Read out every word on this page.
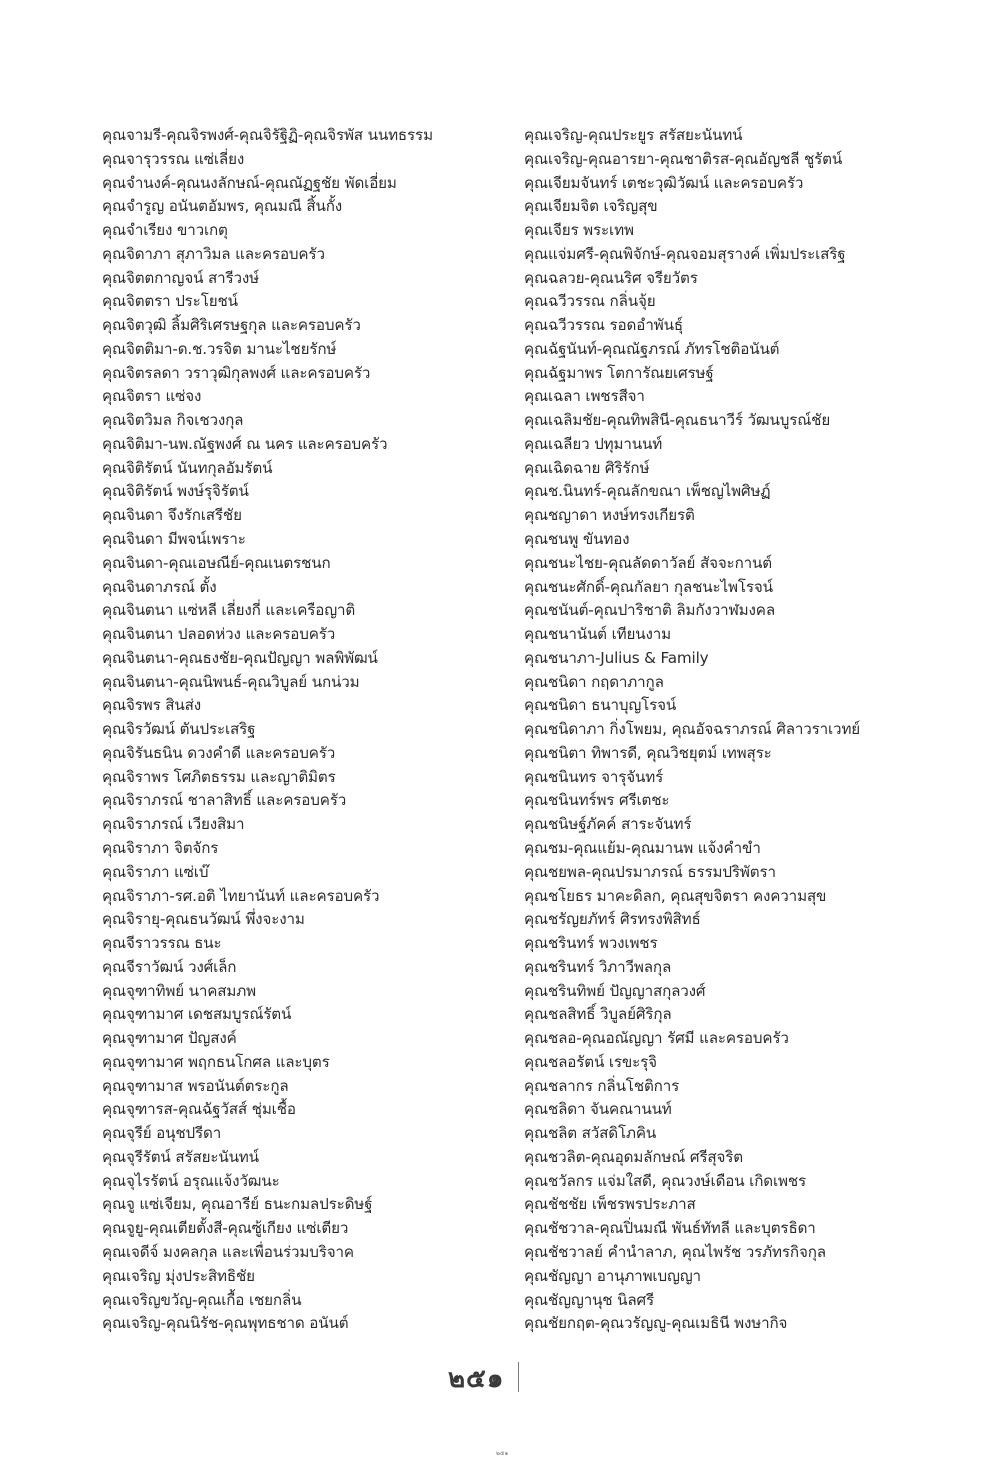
คุณจามรี-คุณจิรพงศ์-คุณจิรัฐิฏิ-คุณจิรพัส นนทธรรม
คุณจารุวรรณ แซ่เลี่ยง
คุณจำนงค์-คุณนงลักษณ์-คุณณัฏฐชัย พัดเอี่ยม
คุณจำรูญ อนันตอัมพร, คุณมณี สิ้นกั้ง
คุณจำเรียง ขาวเกตุ
คุณจิดาภา สุภาวิมล และครอบครัว
คุณจิตตกาญจน์ สารีวงษ์
คุณจิตตรา ประโยชน์
คุณจิตวุฒิ ลิ้มศิริเศรษฐกุล และครอบครัว
คุณจิตติมา-ด.ช.วรจิต มานะไชยรักษ์
คุณจิตรลดา วราวุฒิกุลพงศ์ และครอบครัว
คุณจิตรา แซ่จง
คุณจิตวิมล กิจเชวงกุล
คุณจิติมา-นพ.ณัฐพงศ์ ณ นคร และครอบครัว
คุณจิติรัตน์ นันทกุลอัมรัตน์
คุณจิติรัตน์ พงษ์รุจิรัตน์
คุณจินดา จึงรักเสรีชัย
คุณจินดา มีพจน์เพราะ
คุณจินดา-คุณเอษณีย์-คุณเนตรชนก
คุณจินดาภรณ์ ตั้ง
คุณจินตนา แซ่หลี เลี่ยงกี่ และเครือญาติ
คุณจินตนา ปลอดห่วง และครอบครัว
คุณจินตนา-คุณธงชัย-คุณปัญญา พลพิพัฒน์
คุณจินตนา-คุณนิพนธ์-คุณวิบูลย์ นกน่วม
คุณจิรพร สินส่ง
คุณจิรวัฒน์ ตันประเสริฐ
คุณจิรันธนิน ดวงคำดี และครอบครัว
คุณจิราพร โศภิตธรรม และญาติมิตร
คุณจิราภรณ์ ชาลาสิทธิ์ และครอบครัว
คุณจิราภรณ์ เวียงสิมา
คุณจิราภา จิตจักร
คุณจิราภา แซ่เบ๊
คุณจิราภา-รศ.อติ ไทยานันท์ และครอบครัว
คุณจิรายุ-คุณธนวัฒน์ พึ่งจะงาม
คุณจีราวรรณ ธนะ
คุณจีราวัฒน์ วงศ์เล็ก
คุณจุฑาทิพย์ นาคสมภพ
คุณจุฑามาศ เดชสมบูรณ์รัตน์
คุณจุฑามาศ ปัญสงค์
คุณจุฑามาศ พฤกธนโกศล และบุตร
คุณจุฑามาส พรอนันต์ตระกูล
คุณจุฑารส-คุณฉัฐวัสส์ ชุ่มเชื้อ
คุณจุรีย์ อนุชปรีดา
คุณจุรีรัตน์ สรัสยะนันทน์
คุณจุไรรัตน์ อรุณแจ้งวัฒนะ
คุณจู แซ่เจียม, คุณอารีย์ ธนะกมลประดิษฐ์
คุณจูยู-คุณเตียตั้งสี-คุณซู้เกียง แซ่เตียว
คุณเจดีจ์ มงคลกุล และเพื่อนร่วมบริจาค
คุณเจริญ มุ่งประสิทธิชัย
คุณเจริญขวัญ-คุณเกื้อ เชยกลิ่น
คุณเจริญ-คุณนิรัช-คุณพุทธชาด อนันต์
คุณเจริญ-คุณประยูร สรัสยะนันทน์
คุณเจริญ-คุณอารยา-คุณชาติรส-คุณอัญชลี ชูรัตน์
คุณเจียมจันทร์ เตชะวุฒิวัฒน์ และครอบครัว
คุณเจียมจิต เจริญสุข
คุณเจียร พระเทพ
คุณแจ่มศรี-คุณพิจักษ์-คุณจอมสุรางค์ เพิ่มประเสริฐ
คุณฉลวย-คุณนริศ จรียวัตร
คุณฉวีวรรณ กลิ่นจุ้ย
คุณฉวีวรรณ รอดอำพันธุ์
คุณฉัฐนันท์-คุณณัฐภรณ์ ภัทรโชติอนันต์
คุณฉัฐมาพร โตการัณยเศรษฐ์
คุณเฉลา เพชรสีจา
คุณเฉลิมชัย-คุณทิพสินี-คุณธนาวีร์ วัฒนบูรณ์ชัย
คุณเฉลียว ปทุมานนท์
คุณเฉิดฉาย ศิริรักษ์
คุณช.นินทร์-คุณลักขณา เพ็ชญไพศิษฏ์
คุณชญาดา หงษ์ทรงเกียรติ
คุณชนพู ขันทอง
คุณชนะไชย-คุณลัดดาวัลย์ สัจจะกานต์
คุณชนะศักดิ์-คุณกัลยา กุลชนะไพโรจน์
คุณชนันต์-คุณปาริชาติ ลิมกังวาฬมงคล
คุณชนานันต์ เทียนงาม
คุณชนาภา-Julius & Family
คุณชนิดา กฤดาภากูล
คุณชนิดา ธนาบุญโรจน์
คุณชนิดาภา กิ่งโพยม, คุณอัจฉราภรณ์ ศิลาวราเวทย์
คุณชนิตา ทิพารดี, คุณวิชยุตม์ เทพสุระ
คุณชนินทร จารุจันทร์
คุณชนินทร์พร ศรีเตชะ
คุณชนิษฐ์ภัคค์ สาระจันทร์
คุณชม-คุณแย้ม-คุณมานพ แจ้งคำขำ
คุณชยพล-คุณปรมาภรณ์ ธรรมปริพัตรา
คุณชโยธร มาคะดิลก, คุณสุขจิตรา คงความสุข
คุณชรัญยภัทร์ ศิรทรงพิสิทธ์
คุณชรินทร์ พวงเพชร
คุณชรินทร์ วิภาวีพลกุล
คุณชรินทิพย์ ปัญญาสกุลวงศ์
คุณชลสิทธิ์ วิบูลย์ศิริกุล
คุณชลอ-คุณอณัญญา รัศมี และครอบครัว
คุณชลอรัตน์ เรขะรุจิ
คุณชลากร กลิ่นโชติการ
คุณชลิดา จันคณานนท์
คุณชลิต สวัสดิโภคิน
คุณชวลิต-คุณอุดมลักษณ์ ศรีสุจริต
คุณชวัลกร แจ่มใสดี, คุณวงษ์เดือน เกิดเพชร
คุณชัชชัย เพ็ชรพรประภาส
คุณชัชวาล-คุณปิ่นมณี พันธ์ทัทลี และบุตรธิดา
คุณชัชวาลย์ คำนำลาภ, คุณไพรัช วรภัทรกิจกุล
คุณชัญญา อานุภาพเบญญา
คุณชัญญานุช นิลศรี
คุณชัยกฤต-คุณวรัญญู-คุณเมธินี พงษากิจ
๒๕๑
๒๕๑
